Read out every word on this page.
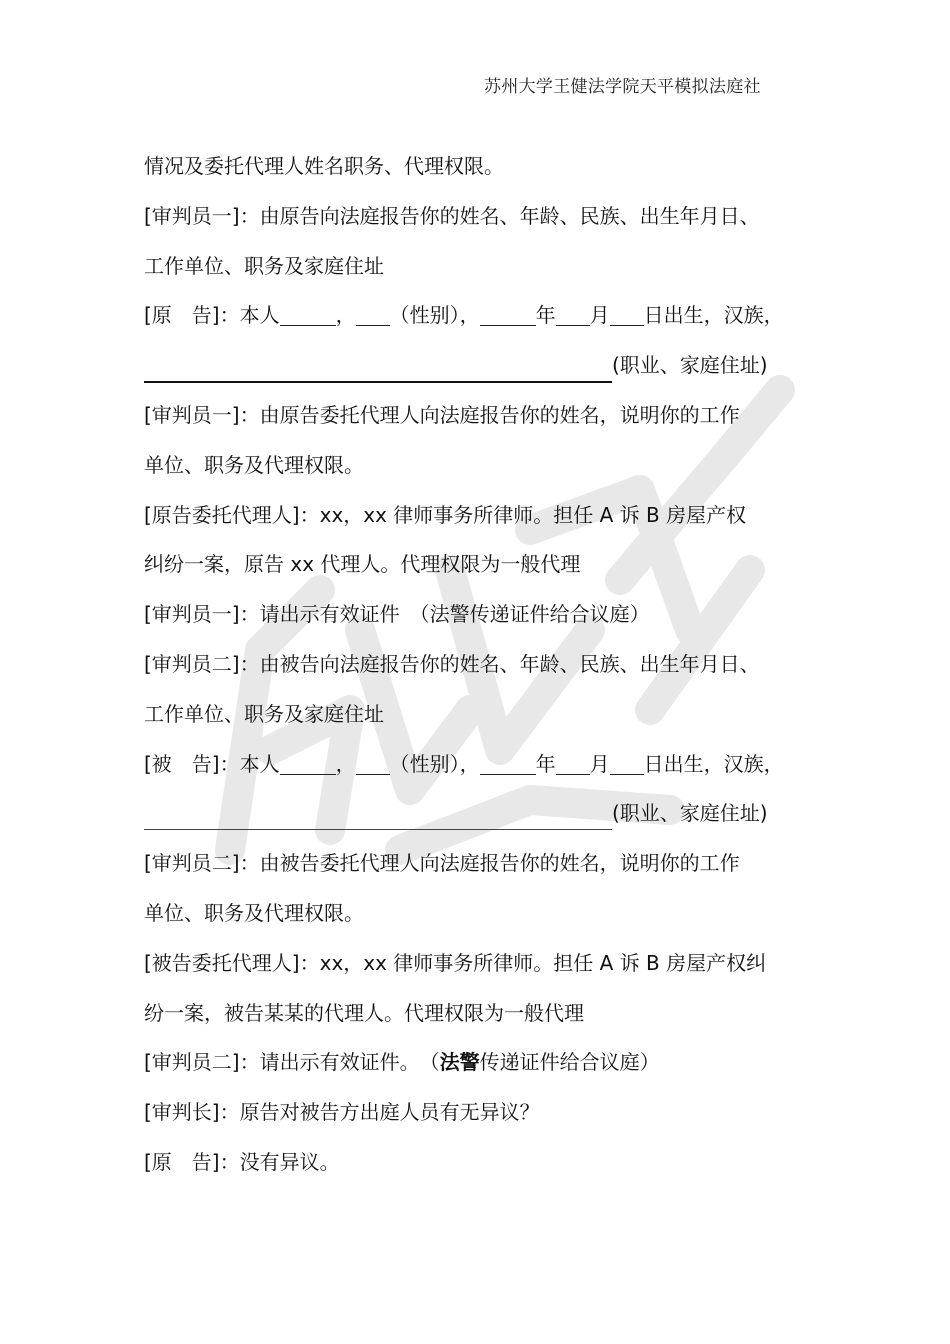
苏州大学王健法学院天平模拟法庭社
情况及委托代理人姓名职务、代理权限。
[审判员一]：由原告向法庭报告你的姓名、年龄、民族、出生年月日、
工作单位、职务及家庭住址
[原　告]：本人	， （性别），	年 月 日出生，汉族，
(职业、家庭住址)
[审判员一]：由原告委托代理人向法庭报告你的姓名，说明你的工作
单位、职务及代理权限。
[原告委托代理人]：xx，xx 律师事务所律师。担任 A 诉 B 房屋产权
纠纷一案，原告 xx 代理人。代理权限为一般代理
[审判员一]：请出示有效证件　（法警传递证件给合议庭）
[审判员二]：由被告向法庭报告你的姓名、年龄、民族、出生年月日、
工作单位、职务及家庭住址
[被　告]：本人	， （性别），	年 月 日出生，汉族，
(职业、家庭住址)
[审判员二]：由被告委托代理人向法庭报告你的姓名，说明你的工作
单位、职务及代理权限。
[被告委托代理人]：xx，xx 律师事务所律师。担任 A 诉 B 房屋产权纠
纷一案，被告某某的代理人。代理权限为一般代理
[审判员二]：请出示有效证件。　（法警传递证件给合议庭）
[审判长]：原告对被告方出庭人员有无异议？
[原　告]：没有异议。
